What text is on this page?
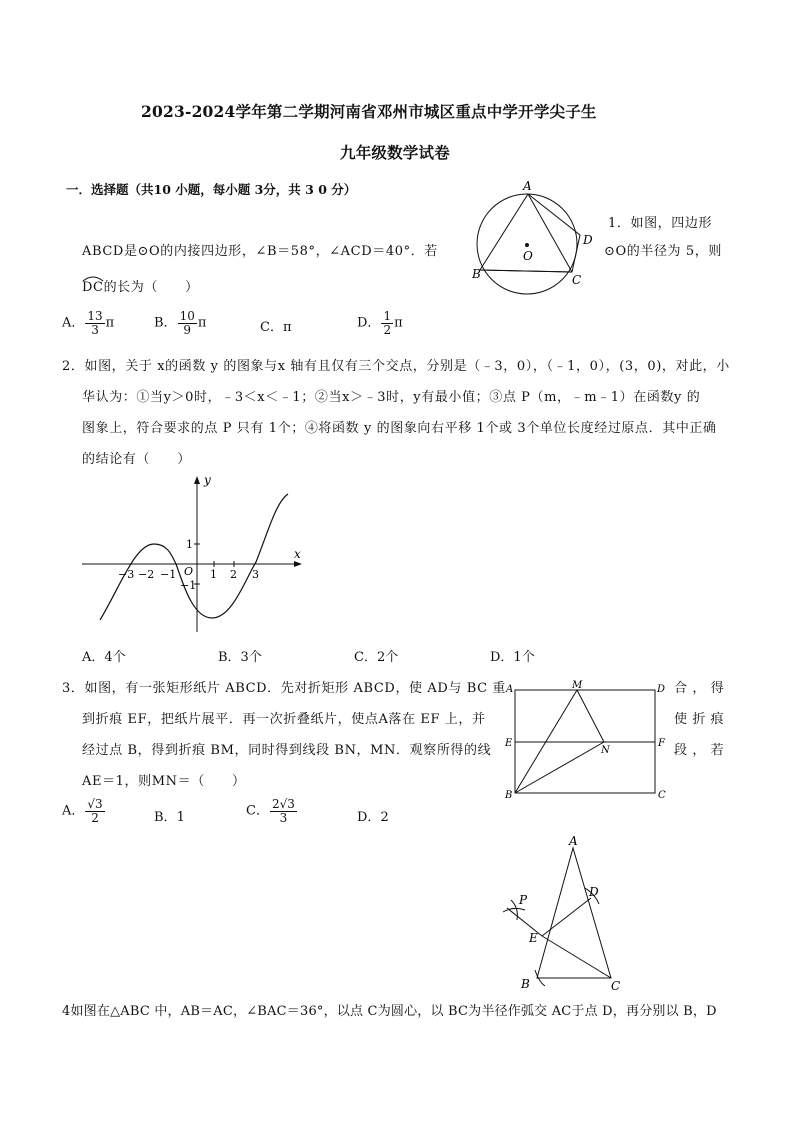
2023-2024学年第二学期河南省邓州市城区重点中学开学尖子生
九年级数学试卷
一．选择题（共10 小题，每小题 3分，共 3 0 分）	A
B	C
D
O
1．如图，四边形
ABCD是⊙O的内接四边形，∠B＝58°，∠ACD＝40°．若	⊙O的半径为 5，则
DC的长为（　　）
A． $\frac{13}{3}$ π	B． $\frac{10}{9}$ π	C．π	D． $\frac{1}{2}$ π
2．如图，关于 x的函数 y 的图象与x 轴有且仅有三个交点，分别是（﹣3，0），（﹣1，0），(3，0)，对此，小
华认为：①当y＞0时，﹣3＜x＜﹣1；②当x＞﹣3时，y有最小值；③点 P（m，﹣m﹣1）在函数y 的
图象上，符合要求的点 P 只有 1个；④将函数 y 的图象向右平移 1个或 3个单位长度经过原点．其中正确
的结论有（　　）
y
x
O
−3 −2 −1	1 2 3
1
−1
A．4个	B．3个	C．2个	D．1个
3．如图，有一张矩形纸片 ABCD．先对折矩形 ABCD，使 AD与 BC 重	合 ， 得
到折痕 EF，把纸片展平．再一次折叠纸片，使点A落在 EF 上，并	使 折 痕
经过点 B，得到折痕 BM，同时得到线段 BN，MN．观察所得的线	段 ， 若
AE＝1，则MN＝（　　）
A	M	D
E
N
F
B	C
A． $\frac{√3}{2}$	B．1	C． $\frac{2√3}{3}$	D．2
A
P
D
E
B	C
4如图在△ABC 中，AB＝AC，∠BAC＝36°，以点 C为圆心，以 BC为半径作弧交 AC于点 D，再分别以 B，D
